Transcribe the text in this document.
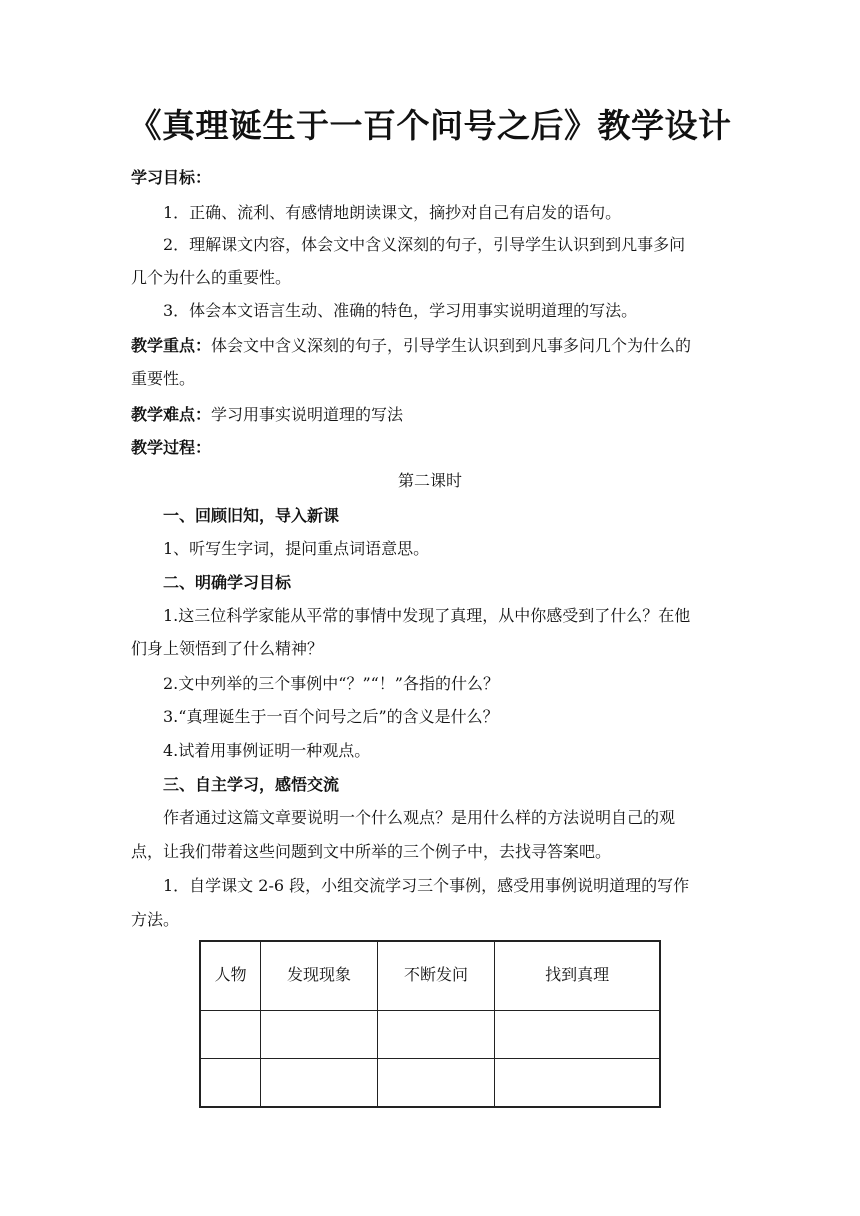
《真理诞生于一百个问号之后》教学设计
学习目标：
1．正确、流利、有感情地朗读课文，摘抄对自己有启发的语句。
2．理解课文内容，体会文中含义深刻的句子，引导学生认识到到凡事多问
几个为什么的重要性。
3．体会本文语言生动、准确的特色，学习用事实说明道理的写法。
教学重点：体会文中含义深刻的句子，引导学生认识到到凡事多问几个为什么的
重要性。
教学难点：学习用事实说明道理的写法
教学过程：
第二课时
一、回顾旧知，导入新课
1、听写生字词，提问重点词语意思。
二、明确学习目标
1.这三位科学家能从平常的事情中发现了真理，从中你感受到了什么？在他
们身上领悟到了什么精神？
2.文中列举的三个事例中“？”“！”各指的什么？
3.“真理诞生于一百个问号之后”的含义是什么？
4.试着用事例证明一种观点。
三、自主学习，感悟交流
作者通过这篇文章要说明一个什么观点？是用什么样的方法说明自己的观
点，让我们带着这些问题到文中所举的三个例子中，去找寻答案吧。
1．自学课文 2-6 段，小组交流学习三个事例，感受用事例说明道理的写作
方法。
人物	发现现象	不断发问	找到真理
